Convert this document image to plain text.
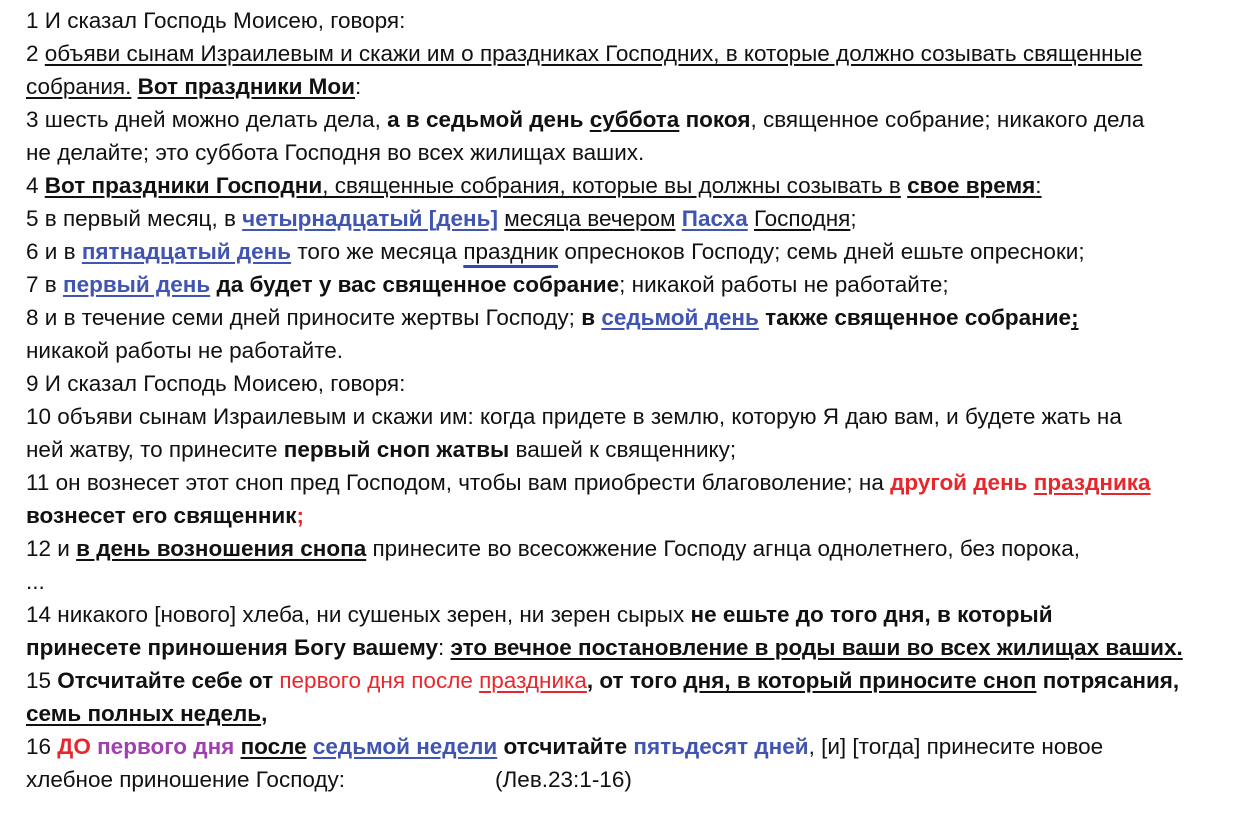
1 И сказал Господь Моисею, говоря:
2 объяви сынам Израилевым и скажи им о праздниках Господних, в которые должно созывать священные
собрания. Вот праздники Мои:
3 шесть дней можно делать дела, а в седьмой день суббота покоя, священное собрание; никакого дела
не делайте; это суббота Господня во всех жилищах ваших.
4 Вот праздники Господни, священные собрания, которые вы должны созывать в свое время:
5 в первый месяц, в четырнадцатый [день] месяца вечером Пасха Господня;
6 и в пятнадцатый день того же месяца праздник опресноков Господу; семь дней ешьте опресноки;
7 в первый день да будет у вас священное собрание; никакой работы не работайте;
8 и в течение семи дней приносите жертвы Господу; в седьмой день также священное собрание;
никакой работы не работайте.
9 И сказал Господь Моисею, говоря:
10 объяви сынам Израилевым и скажи им: когда придете в землю, которую Я даю вам, и будете жать на
ней жатву, то принесите первый сноп жатвы вашей к священнику;
11 он вознесет этот сноп пред Господом, чтобы вам приобрести благоволение; на другой день праздника
вознесет его священник;
12 и в день возношения снопа принесите во всесожжение Господу агнца однолетнего, без порока,
...
14 никакого [нового] хлеба, ни сушеных зерен, ни зерен сырых не ешьте до того дня, в который
принесете приношения Богу вашему: это вечное постановление в роды ваши во всех жилищах ваших.
15 Отсчитайте себе от первого дня после праздника, от того дня, в который приносите сноп потрясания,
семь полных недель,
16 ДО первого дня после седьмой недели отсчитайте пятьдесят дней, [и] [тогда] принесите новое
хлебное приношение Господу:	(Лев.23:1-16)
